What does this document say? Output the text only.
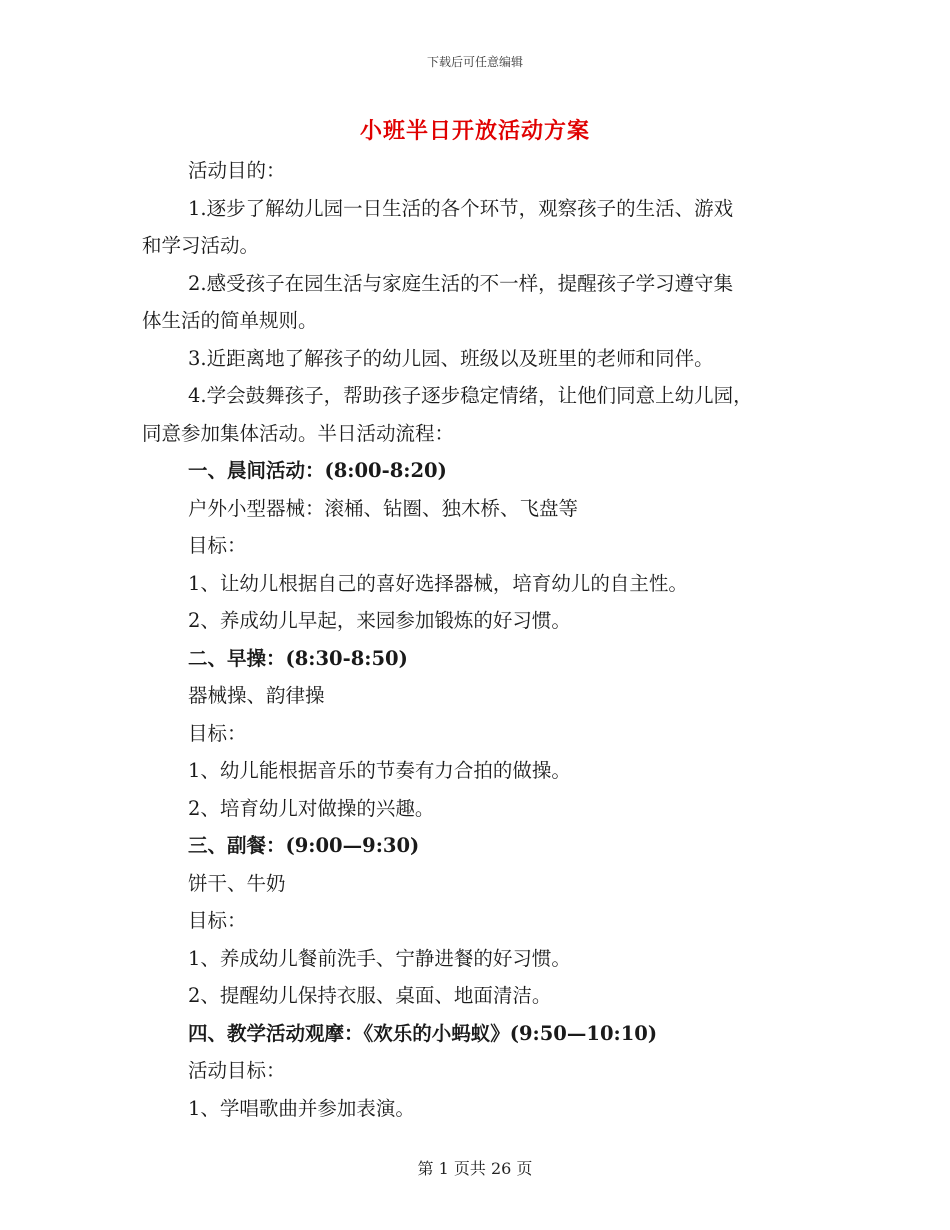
下载后可任意编辑
小班半日开放活动方案

活动目的：

1.逐步了解幼儿园一日生活的各个环节，观察孩子的生活、游戏

和学习活动。

2.感受孩子在园生活与家庭生活的不一样，提醒孩子学习遵守集

体生活的简单规则。

3.近距离地了解孩子的幼儿园、班级以及班里的老师和同伴。

4.学会鼓舞孩子，帮助孩子逐步稳定情绪，让他们同意上幼儿园，

同意参加集体活动。半日活动流程：

一、晨间活动：(8:00-8:20)

户外小型器械：滚桶、钻圈、独木桥、飞盘等

目标：

1、让幼儿根据自己的喜好选择器械，培育幼儿的自主性。

2、养成幼儿早起，来园参加锻炼的好习惯。

二、早操：(8:30-8:50)

器械操、韵律操

目标：

1、幼儿能根据音乐的节奏有力合拍的做操。

2、培育幼儿对做操的兴趣。

三、副餐：(9:00—9:30)

饼干、牛奶

目标：

1、养成幼儿餐前洗手、宁静进餐的好习惯。

2、提醒幼儿保持衣服、桌面、地面清洁。

四、教学活动观摩：《欢乐的小蚂蚁》(9:50—10:10)

活动目标：

1、学唱歌曲并参加表演。

第 1 页共 26 页
